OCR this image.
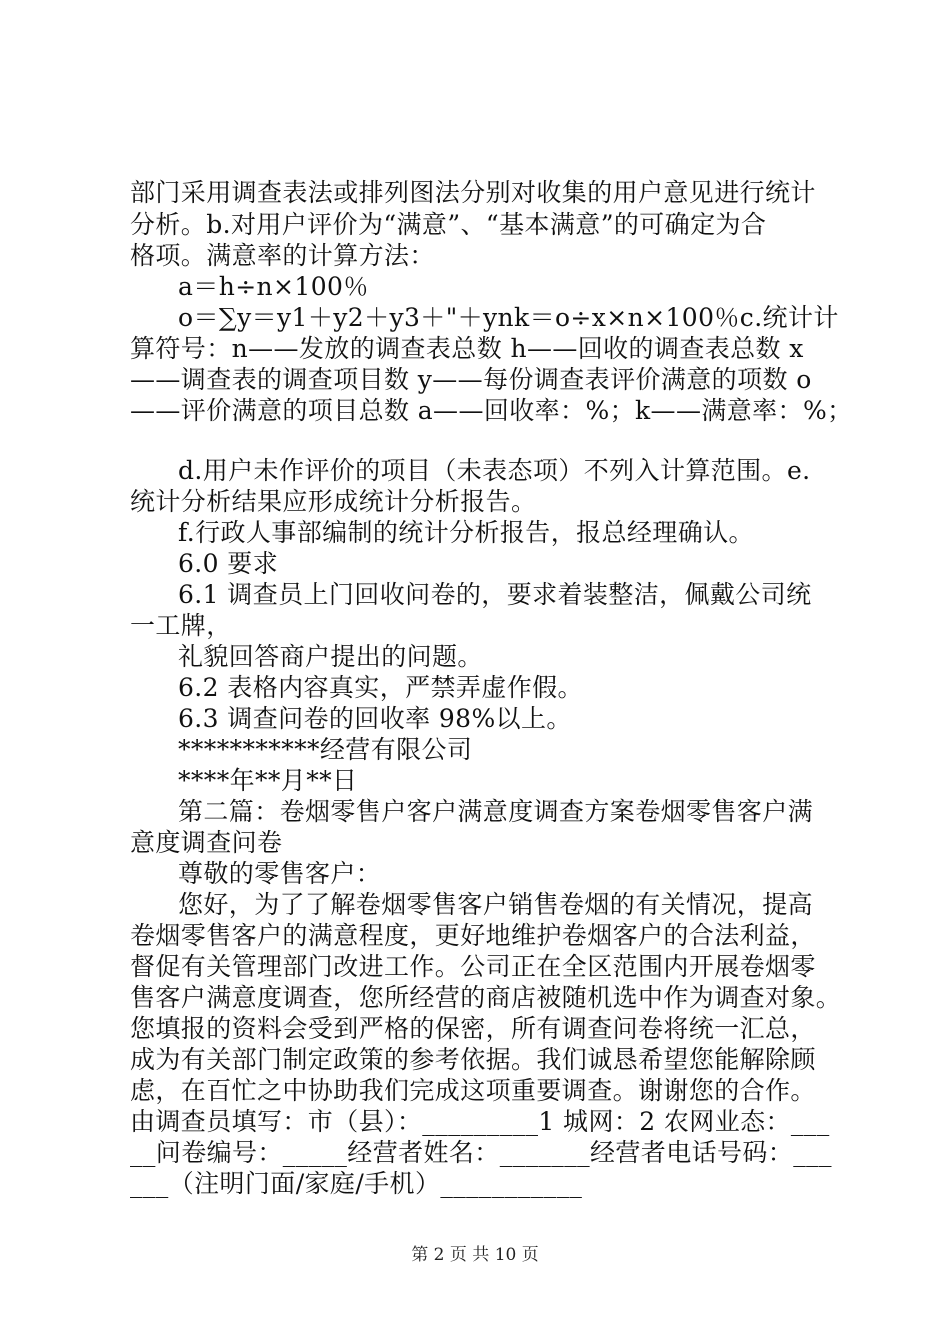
部门采用调查表法或排列图法分别对收集的用户意见进行统计
分析。b.对用户评价为“满意”、“基本满意”的可确定为合
格项。满意率的计算方法：
a＝h÷n×100％
o＝∑y＝y1＋y2＋y3＋"＋ynk＝o÷x×n×100％c.统计计
算符号：n——发放的调查表总数 h——回收的调查表总数 x
——调查表的调查项目数 y——每份调查表评价满意的项数 o
——评价满意的项目总数 a——回收率：%；k——满意率：%；
d.用户未作评价的项目（未表态项）不列入计算范围。e.
统计分析结果应形成统计分析报告。
f.行政人事部编制的统计分析报告，报总经理确认。
6.0 要求
6.1 调查员上门回收问卷的，要求着装整洁，佩戴公司统
一工牌，
礼貌回答商户提出的问题。
6.2 表格内容真实，严禁弄虚作假。
6.3 调查问卷的回收率 98%以上。
***********经营有限公司
****年**月**日
第二篇：卷烟零售户客户满意度调查方案卷烟零售客户满
意度调查问卷
尊敬的零售客户：
您好，为了了解卷烟零售客户销售卷烟的有关情况，提高
卷烟零售客户的满意程度，更好地维护卷烟客户的合法利益，
督促有关管理部门改进工作。公司正在全区范围内开展卷烟零
售客户满意度调查，您所经营的商店被随机选中作为调查对象。
您填报的资料会受到严格的保密，所有调查问卷将统一汇总，
成为有关部门制定政策的参考依据。我们诚恳希望您能解除顾
虑，在百忙之中协助我们完成这项重要调查。谢谢您的合作。
由调查员填写：市（县）：_________1 城网：2 农网业态：___
__问卷编号：_____经营者姓名：_______经营者电话号码：___
___（注明门面/家庭/手机）___________
第 2 页 共 10 页
